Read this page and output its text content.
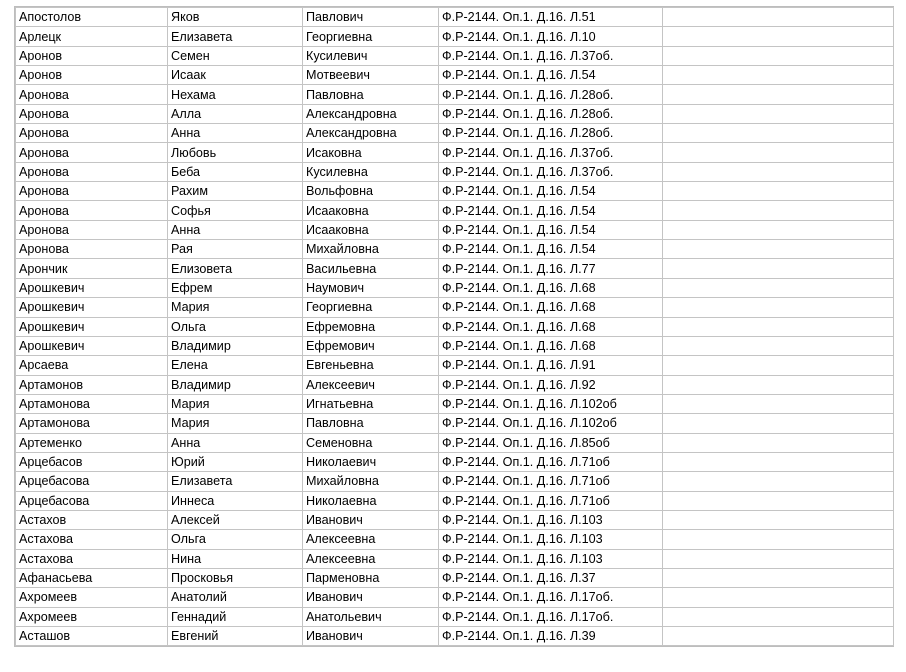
Апостолов	Яков	Павлович	Ф.Р-2144. Оп.1. Д.16. Л.51	
Арлецк	Елизавета	Георгиевна	Ф.Р-2144. Оп.1. Д.16. Л.10	
Аронов	Семен	Кусилевич	Ф.Р-2144. Оп.1. Д.16. Л.37об.	
Аронов	Исаак	Мотвеевич	Ф.Р-2144. Оп.1. Д.16. Л.54	
Аронова	Нехама	Павловна	Ф.Р-2144. Оп.1. Д.16. Л.28об.	
Аронова	Алла	Александровна	Ф.Р-2144. Оп.1. Д.16. Л.28об.	
Аронова	Анна	Александровна	Ф.Р-2144. Оп.1. Д.16. Л.28об.	
Аронова	Любовь	Исаковна	Ф.Р-2144. Оп.1. Д.16. Л.37об.	
Аронова	Беба	Кусилевна	Ф.Р-2144. Оп.1. Д.16. Л.37об.	
Аронова	Рахим	Вольфовна	Ф.Р-2144. Оп.1. Д.16. Л.54	
Аронова	Софья	Исааковна	Ф.Р-2144. Оп.1. Д.16. Л.54	
Аронова	Анна	Исааковна	Ф.Р-2144. Оп.1. Д.16. Л.54	
Аронова	Рая	Михайловна	Ф.Р-2144. Оп.1. Д.16. Л.54	
Арончик	Елизовета	Васильевна	Ф.Р-2144. Оп.1. Д.16. Л.77	
Арошкевич	Ефрем	Наумович	Ф.Р-2144. Оп.1. Д.16. Л.68	
Арошкевич	Мария	Георгиевна	Ф.Р-2144. Оп.1. Д.16. Л.68	
Арошкевич	Ольга	Ефремовна	Ф.Р-2144. Оп.1. Д.16. Л.68	
Арошкевич	Владимир	Ефремович	Ф.Р-2144. Оп.1. Д.16. Л.68	
Арсаева	Елена	Евгеньевна	Ф.Р-2144. Оп.1. Д.16. Л.91	
Артамонов	Владимир	Алексеевич	Ф.Р-2144. Оп.1. Д.16. Л.92	
Артамонова	Мария	Игнатьевна	Ф.Р-2144. Оп.1. Д.16. Л.102об	
Артамонова	Мария	Павловна	Ф.Р-2144. Оп.1. Д.16. Л.102об	
Артеменко	Анна	Семеновна	Ф.Р-2144. Оп.1. Д.16. Л.85об	
Арцебасов	Юрий	Николаевич	Ф.Р-2144. Оп.1. Д.16. Л.71об	
Арцебасова	Елизавета	Михайловна	Ф.Р-2144. Оп.1. Д.16. Л.71об	
Арцебасова	Иннеса	Николаевна	Ф.Р-2144. Оп.1. Д.16. Л.71об	
Астахов	Алексей	Иванович	Ф.Р-2144. Оп.1. Д.16. Л.103	
Астахова	Ольга	Алексеевна	Ф.Р-2144. Оп.1. Д.16. Л.103	
Астахова	Нина	Алексеевна	Ф.Р-2144. Оп.1. Д.16. Л.103	
Афанасьева	Просковья	Парменовна	Ф.Р-2144. Оп.1. Д.16. Л.37	
Ахромеев	Анатолий	Иванович	Ф.Р-2144. Оп.1. Д.16. Л.17об.	
Ахромеев	Геннадий	Анатольевич	Ф.Р-2144. Оп.1. Д.16. Л.17об.	
Асташов	Евгений	Иванович	Ф.Р-2144. Оп.1. Д.16. Л.39	
